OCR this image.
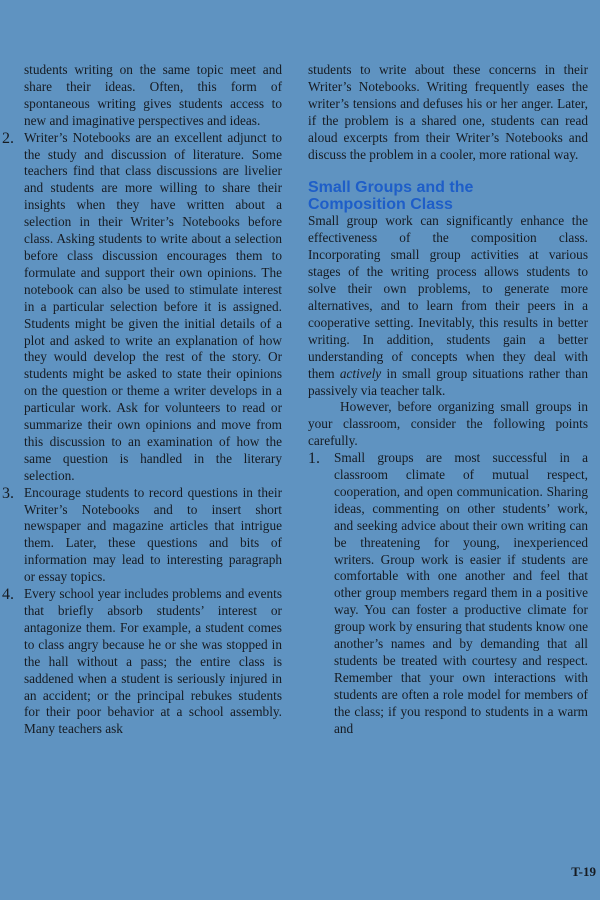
students writing on the same topic meet and share their ideas. Often, this form of spontaneous writing gives students access to new and imaginative perspectives and ideas.

2. Writer’s Notebooks are an excellent adjunct to the study and discussion of literature. Some teachers find that class discussions are livelier and students are more willing to share their insights when they have written about a selection in their Writer’s Notebooks before class. Asking students to write about a selection before class discussion encourages them to formulate and support their own opinions. The notebook can also be used to stimulate interest in a particular selection before it is assigned. Students might be given the initial details of a plot and asked to write an explanation of how they would develop the rest of the story. Or students might be asked to state their opinions on the question or theme a writer develops in a particular work. Ask for volunteers to read or summarize their own opinions and move from this discussion to an examination of how the same question is handled in the literary selection.

3. Encourage students to record questions in their Writer’s Notebooks and to insert short newspaper and magazine articles that intrigue them. Later, these questions and bits of information may lead to interesting paragraph or essay topics.

4. Every school year includes problems and events that briefly absorb students’ interest or antagonize them. For example, a student comes to class angry because he or she was stopped in the hall without a pass; the entire class is saddened when a student is seriously injured in an accident; or the principal rebukes students for their poor behavior at a school assembly. Many teachers ask

students to write about these concerns in their Writer’s Notebooks. Writing frequently eases the writer’s tensions and defuses his or her anger. Later, if the problem is a shared one, students can read aloud excerpts from their Writer’s Notebooks and discuss the problem in a cooler, more rational way.

Small Groups and the
Composition Class

Small group work can significantly enhance the effectiveness of the composition class. Incorporating small group activities at various stages of the writing process allows students to solve their own problems, to generate more alternatives, and to learn from their peers in a cooperative setting. Inevitably, this results in better writing. In addition, students gain a better understanding of concepts when they deal with them actively in small group situations rather than passively via teacher talk.

However, before organizing small groups in your classroom, consider the following points carefully.

1. Small groups are most successful in a classroom climate of mutual respect, cooperation, and open communication. Sharing ideas, commenting on other students’ work, and seeking advice about their own writing can be threatening for young, inexperienced writers. Group work is easier if students are comfortable with one another and feel that other group members regard them in a positive way. You can foster a productive climate for group work by ensuring that students know one another’s names and by demanding that all students be treated with courtesy and respect. Remember that your own interactions with students are often a role model for members of the class; if you respond to students in a warm and

T-19
